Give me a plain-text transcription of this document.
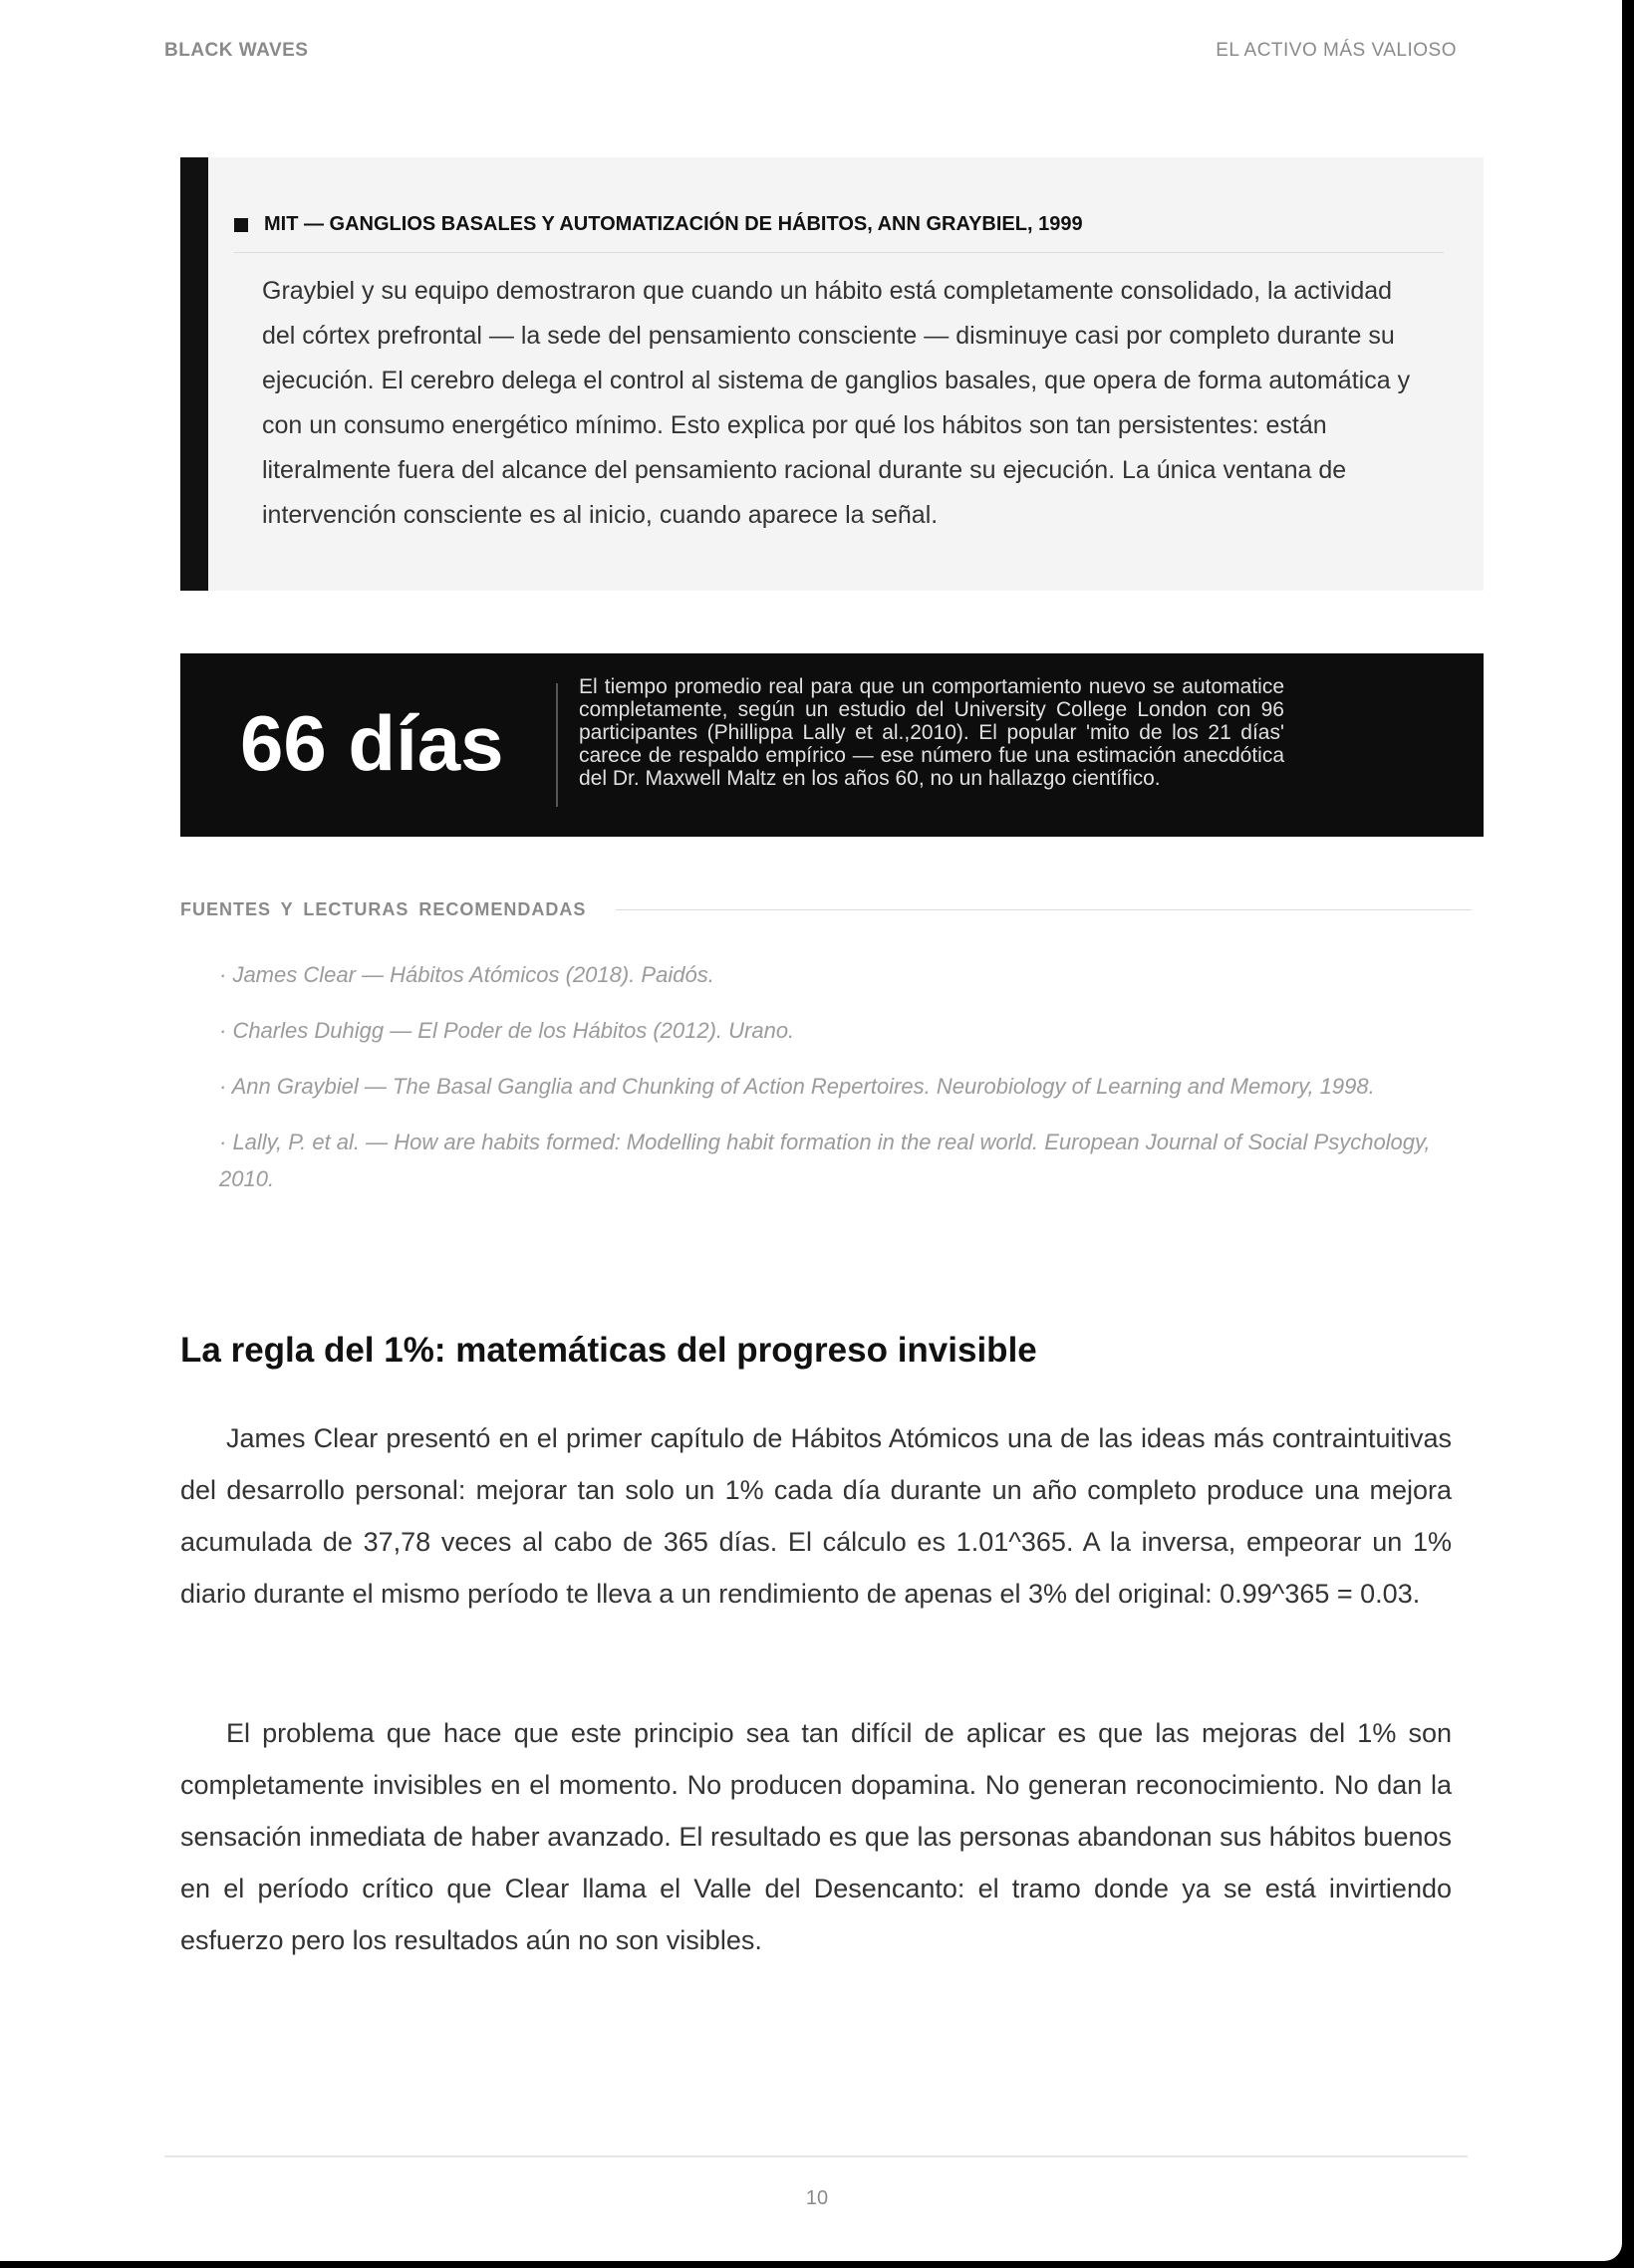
BLACK WAVES	EL ACTIVO MÁS VALIOSO
MIT — GANGLIOS BASALES Y AUTOMATIZACIÓN DE HÁBITOS, ANN GRAYBIEL, 1999
Graybiel y su equipo demostraron que cuando un hábito está completamente consolidado, la actividad del córtex prefrontal — la sede del pensamiento consciente — disminuye casi por completo durante su ejecución. El cerebro delega el control al sistema de ganglios basales, que opera de forma automática y con un consumo energético mínimo. Esto explica por qué los hábitos son tan persistentes: están literalmente fuera del alcance del pensamiento racional durante su ejecución. La única ventana de intervención consciente es al inicio, cuando aparece la señal.
66 días
El tiempo promedio real para que un comportamiento nuevo se automatice completamente, según un estudio del University College London con 96 participantes (Phillippa Lally et al.,2010). El popular 'mito de los 21 días' carece de respaldo empírico — ese número fue una estimación anecdótica del Dr. Maxwell Maltz en los años 60, no un hallazgo científico.
FUENTES Y LECTURAS RECOMENDADAS
· James Clear — Hábitos Atómicos (2018). Paidós.
· Charles Duhigg — El Poder de los Hábitos (2012). Urano.
· Ann Graybiel — The Basal Ganglia and Chunking of Action Repertoires. Neurobiology of Learning and Memory, 1998.
· Lally, P. et al. — How are habits formed: Modelling habit formation in the real world. European Journal of Social Psychology, 2010.
La regla del 1%: matemáticas del progreso invisible

James Clear presentó en el primer capítulo de Hábitos Atómicos una de las ideas más contraintuitivas del desarrollo personal: mejorar tan solo un 1% cada día durante un año completo produce una mejora acumulada de 37,78 veces al cabo de 365 días. El cálculo es 1.01^365. A la inversa, empeorar un 1% diario durante el mismo período te lleva a un rendimiento de apenas el 3% del original: 0.99^365 = 0.03.

El problema que hace que este principio sea tan difícil de aplicar es que las mejoras del 1% son completamente invisibles en el momento. No producen dopamina. No generan reconocimiento. No dan la sensación inmediata de haber avanzado. El resultado es que las personas abandonan sus hábitos buenos en el período crítico que Clear llama el Valle del Desencanto: el tramo donde ya se está invirtiendo esfuerzo pero los resultados aún no son visibles.

10
